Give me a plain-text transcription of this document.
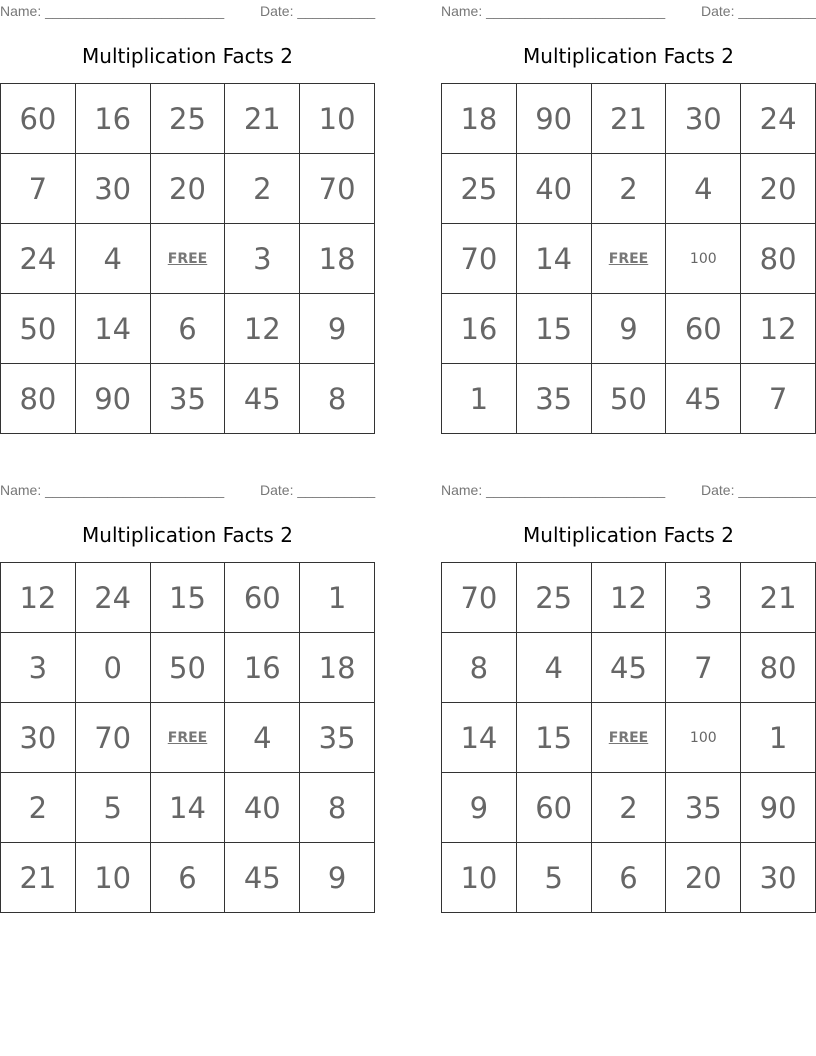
Name: _______________________	Date: __________
Multiplication Facts 2
60	16	25	21	10
7	30	20	2	70
24	4	FREE	3	18
50	14	6	12	9
80	90	35	45	8
Name: _______________________	Date: __________
Multiplication Facts 2
18	90	21	30	24
25	40	2	4	20
70	14	FREE	100	80
16	15	9	60	12
1	35	50	45	7
Name: _______________________	Date: __________
Multiplication Facts 2
12	24	15	60	1
3	0	50	16	18
30	70	FREE	4	35
2	5	14	40	8
21	10	6	45	9
Name: _______________________	Date: __________
Multiplication Facts 2
70	25	12	3	21
8	4	45	7	80
14	15	FREE	100	1
9	60	2	35	90
10	5	6	20	30
